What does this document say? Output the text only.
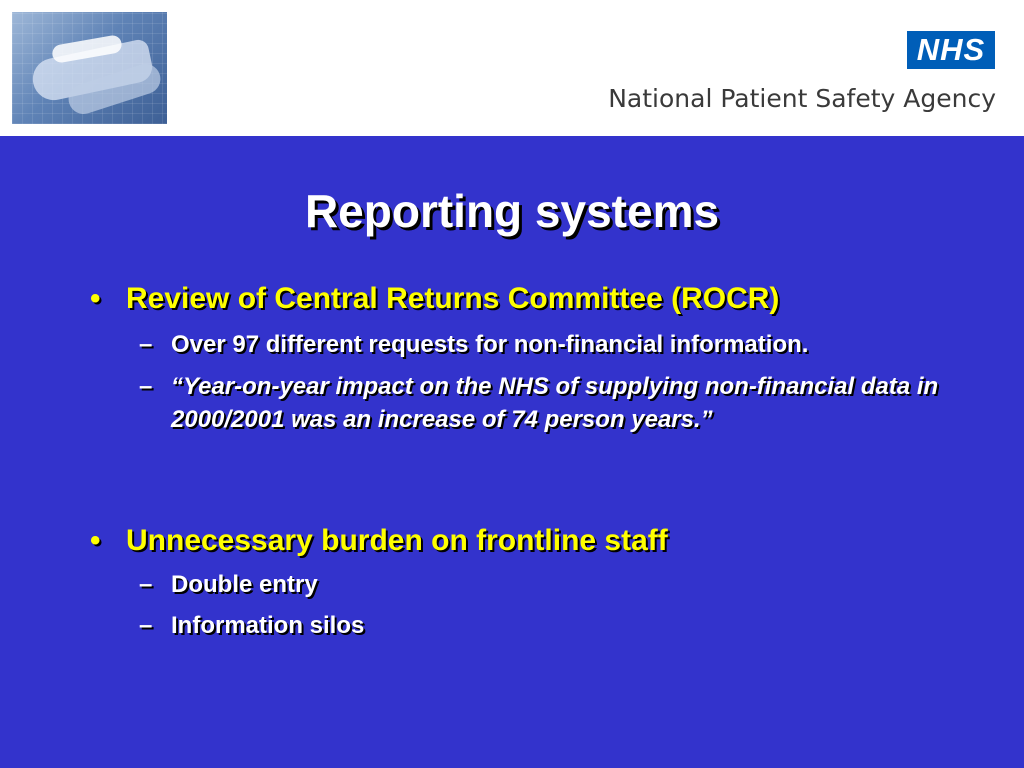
NHS
National Patient Safety Agency
Reporting systems
• Review of Central Returns Committee (ROCR)
– Over 97 different requests for non-financial information.
– “Year-on-year impact on the NHS of supplying non-financial data in 2000/2001 was an increase of 74 person years.”
• Unnecessary burden on frontline staff
– Double entry
– Information silos
